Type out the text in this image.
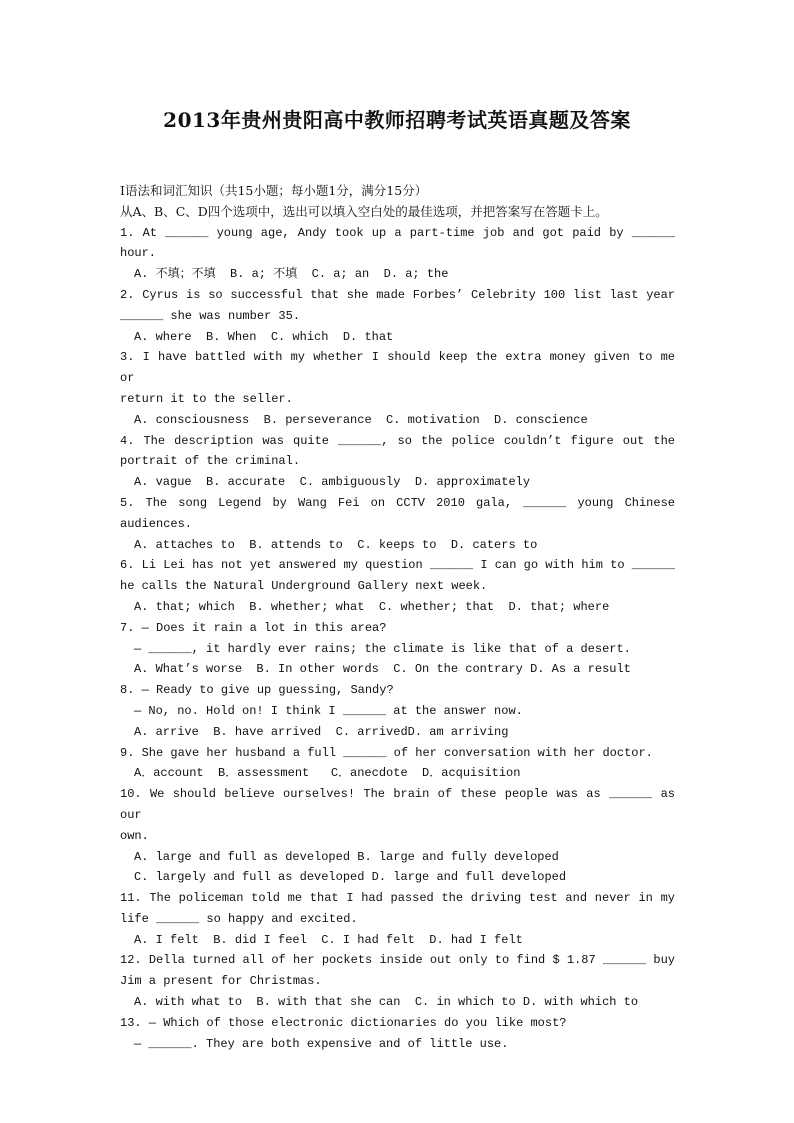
2013年贵州贵阳高中教师招聘考试英语真题及答案
Ⅰ语法和词汇知识（共15小题；每小题1分，满分15分）
从A、B、C、D四个选项中，选出可以填入空白处的最佳选项，并把答案写在答题卡上。
1. At ______ young age, Andy took up a part-time job and got paid by ______
hour.
A. 不填；不填  B. a; 不填  C. a; an  D. a; the
2. Cyrus is so successful that she made Forbes’ Celebrity 100 list last year
______ she was number 35.
A. where  B. When  C. which  D. that
3. I have battled with my whether I should keep the extra money given to me or
return it to the seller.
A. consciousness  B. perseverance  C. motivation  D. conscience
4. The description was quite ______, so the police couldn’t figure out the
portrait of the criminal.
A. vague  B. accurate  C. ambiguously  D. approximately
5. The song Legend by Wang Fei on CCTV 2010 gala, ______ young Chinese
audiences.
A. attaches to  B. attends to  C. keeps to  D. caters to
6. Li Lei has not yet answered my question ______ I can go with him to ______
he calls the Natural Underground Gallery next week.
A. that; which  B. whether; what  C. whether; that  D. that; where
7. — Does it rain a lot in this area?
— ______, it hardly ever rains; the climate is like that of a desert.
A. What’s worse  B. In other words  C. On the contrary D. As a result
8. — Ready to give up guessing, Sandy?
— No, no. Hold on! I think I ______ at the answer now.
A. arrive  B. have arrived  C. arrivedD. am arriving
9. She gave her husband a full ______ of her conversation with her doctor.
A．account  B．assessment   C．anecdote  D．acquisition
10. We should believe ourselves! The brain of these people was as ______ as our
own.
A. large and full as developed B. large and fully developed
C. largely and full as developed D. large and full developed
11. The policeman told me that I had passed the driving test and never in my
life ______ so happy and excited.
A. I felt  B. did I feel  C. I had felt  D. had I felt
12. Della turned all of her pockets inside out only to find $ 1.87 ______ buy
Jim a present for Christmas.
A. with what to  B. with that she can  C. in which to D. with which to
13. — Which of those electronic dictionaries do you like most?
— ______. They are both expensive and of little use.
